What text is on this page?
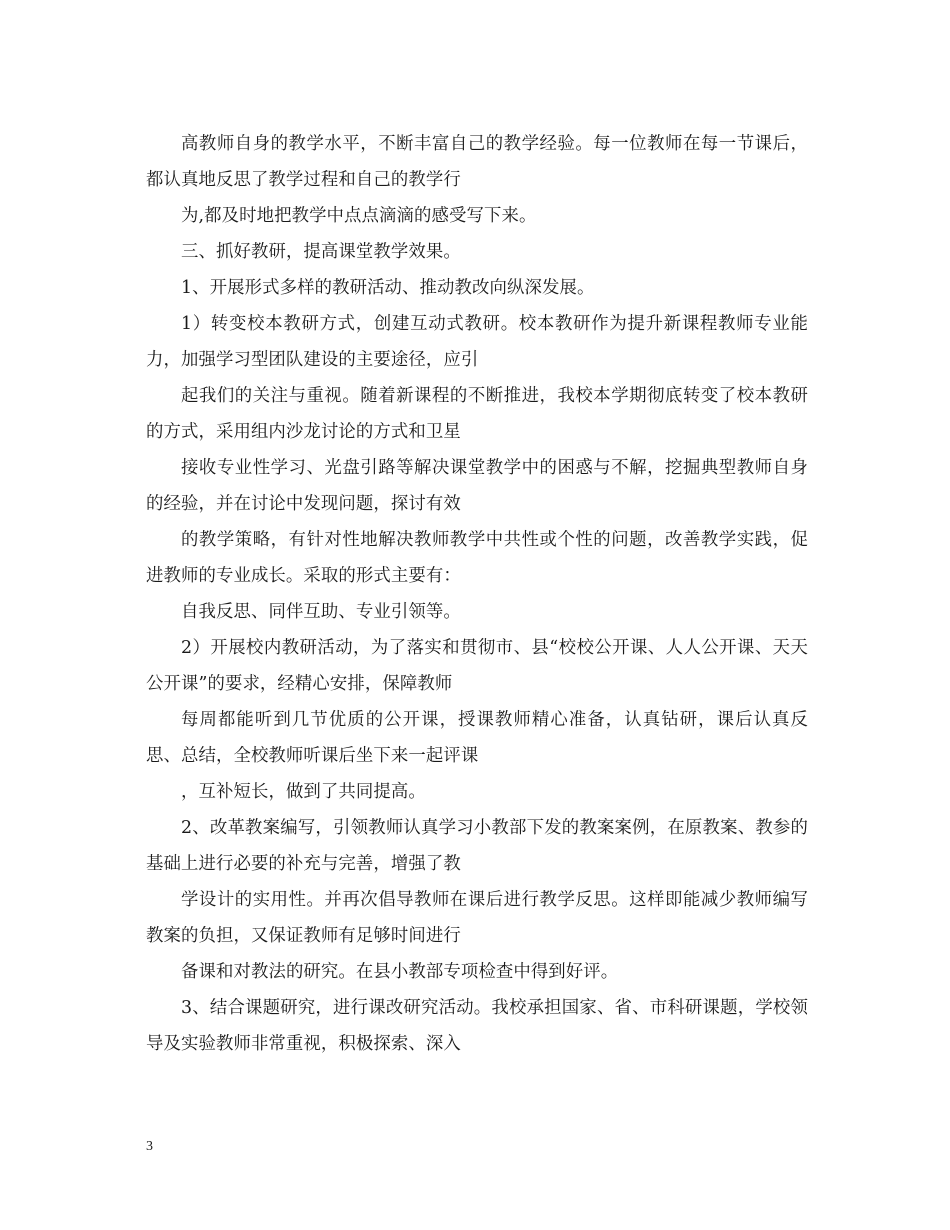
高教师自身的教学水平，不断丰富自己的教学经验。每一位教师在每一节课后，都认真地反思了教学过程和自己的教学行

为,都及时地把教学中点点滴滴的感受写下来。

三、抓好教研，提高课堂教学效果。

1、开展形式多样的教研活动、推动教改向纵深发展。

1）转变校本教研方式，创建互动式教研。校本教研作为提升新课程教师专业能力，加强学习型团队建设的主要途径，应引

起我们的关注与重视。随着新课程的不断推进，我校本学期彻底转变了校本教研的方式，采用组内沙龙讨论的方式和卫星

接收专业性学习、光盘引路等解决课堂教学中的困惑与不解，挖掘典型教师自身的经验，并在讨论中发现问题，探讨有效

的教学策略，有针对性地解决教师教学中共性或个性的问题，改善教学实践，促进教师的专业成长。采取的形式主要有：

自我反思、同伴互助、专业引领等。

2）开展校内教研活动，为了落实和贯彻市、县“校校公开课、人人公开课、天天公开课”的要求，经精心安排，保障教师

每周都能听到几节优质的公开课，授课教师精心准备，认真钻研，课后认真反思、总结，全校教师听课后坐下来一起评课

，互补短长，做到了共同提高。

2、改革教案编写，引领教师认真学习小教部下发的教案案例，在原教案、教参的基础上进行必要的补充与完善，增强了教

学设计的实用性。并再次倡导教师在课后进行教学反思。这样即能减少教师编写教案的负担，又保证教师有足够时间进行

备课和对教法的研究。在县小教部专项检查中得到好评。

3、结合课题研究，进行课改研究活动。我校承担国家、省、市科研课题，学校领导及实验教师非常重视，积极探索、深入

3
